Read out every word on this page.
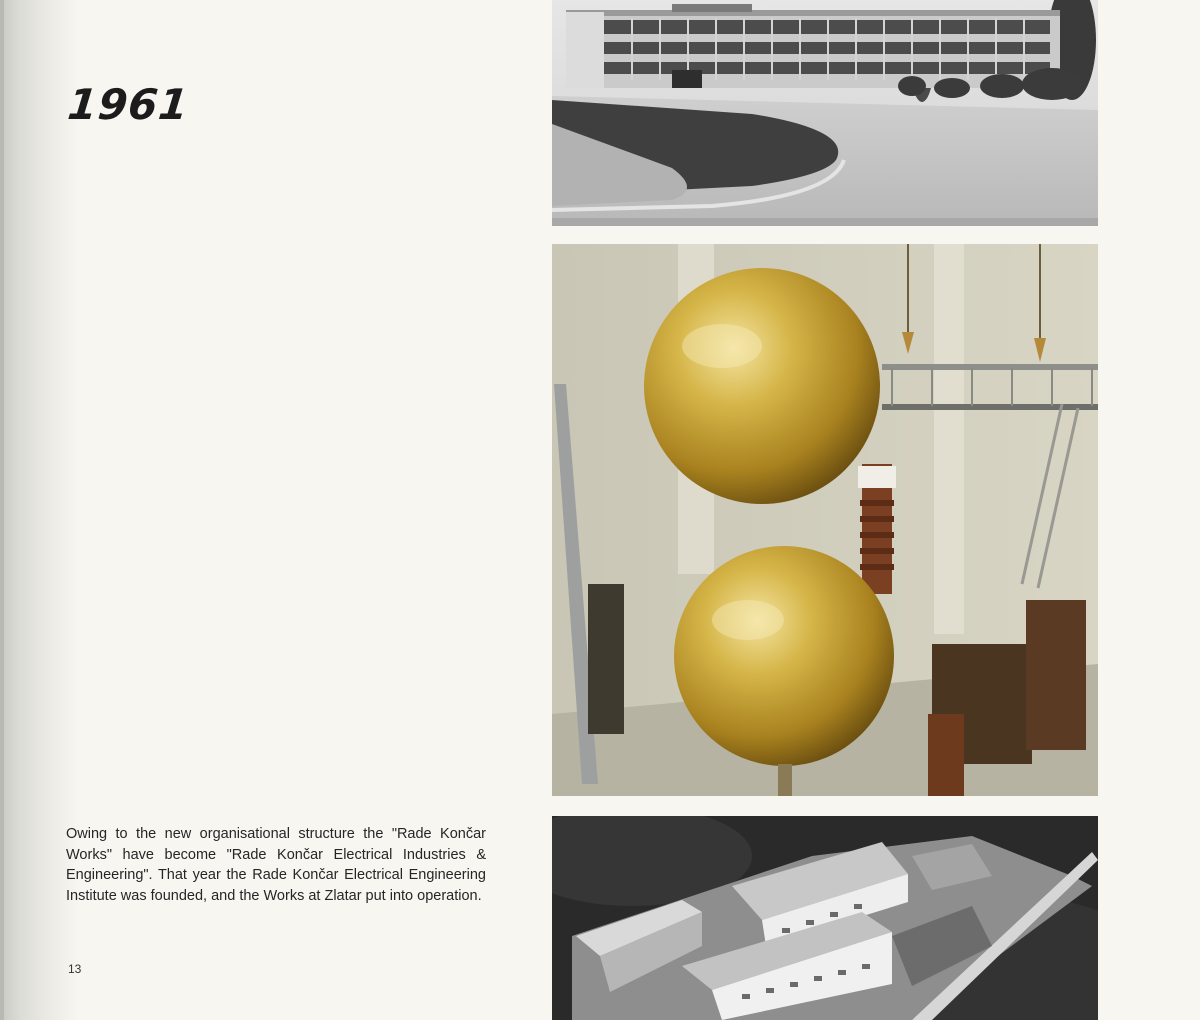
1961
Owing to the new organisational structure the "Rade Končar Works" have become "Rade Končar Electrical Industries & Engineering". That year the Rade Končar Electrical Engineering Institute was founded, and the Works at Zlatar put into operation.
13
